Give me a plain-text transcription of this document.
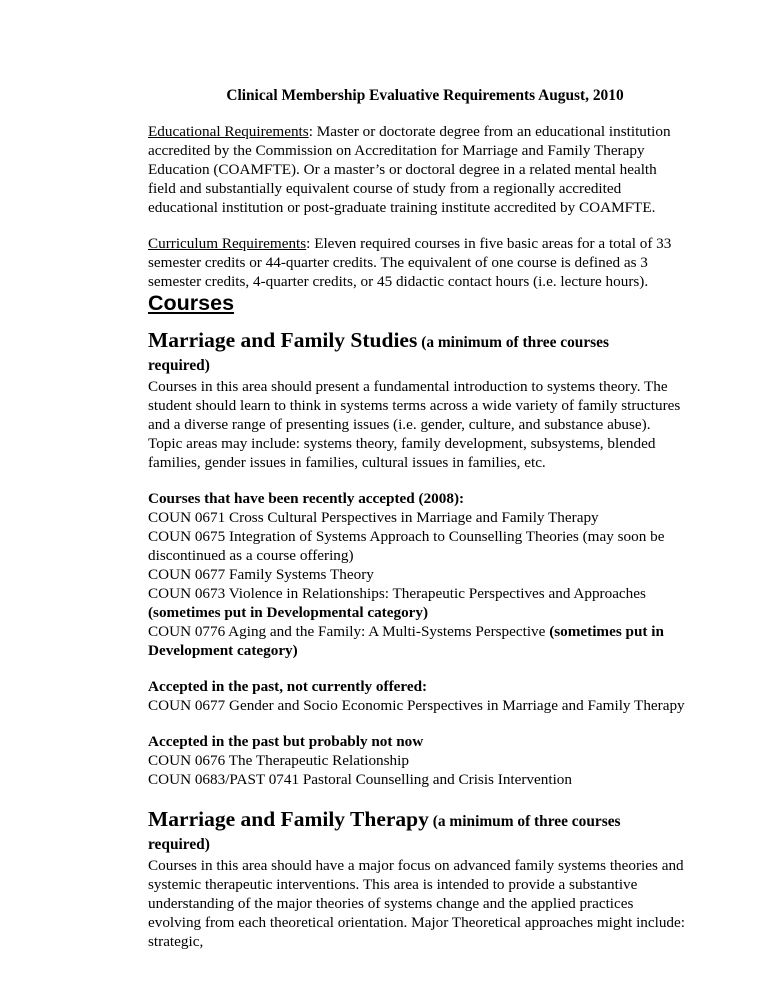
Clinical Membership Evaluative Requirements August, 2010

Educational Requirements: Master or doctorate degree from an educational institution accredited by the Commission on Accreditation for Marriage and Family Therapy Education (COAMFTE). Or a master’s or doctoral degree in a related mental health field and substantially equivalent course of study from a regionally accredited educational institution or post-graduate training institute accredited by COAMFTE.

Curriculum Requirements: Eleven required courses in five basic areas for a total of 33 semester credits or 44-quarter credits. The equivalent of one course is defined as 3 semester credits, 4-quarter credits, or 45 didactic contact hours (i.e. lecture hours).

Courses
Marriage and Family Studies (a minimum of three courses

required)

Courses in this area should present a fundamental introduction to systems theory. The student should learn to think in systems terms across a wide variety of family structures and a diverse range of presenting issues (i.e. gender, culture, and substance abuse). Topic areas may include: systems theory, family development, subsystems, blended families, gender issues in families, cultural issues in families, etc.

Courses that have been recently accepted (2008):

COUN 0671 Cross Cultural Perspectives in Marriage and Family Therapy

COUN 0675 Integration of Systems Approach to Counselling Theories (may soon be discontinued as a course offering)

COUN 0677 Family Systems Theory

COUN 0673 Violence in Relationships: Therapeutic Perspectives and Approaches (sometimes put in Developmental category)

COUN 0776 Aging and the Family: A Multi-Systems Perspective (sometimes put in Development category)

Accepted in the past, not currently offered:

COUN 0677 Gender and Socio Economic Perspectives in Marriage and Family Therapy

Accepted in the past but probably not now

COUN 0676 The Therapeutic Relationship

COUN 0683/PAST 0741 Pastoral Counselling and Crisis Intervention

Marriage and Family Therapy (a minimum of three courses

required)

Courses in this area should have a major focus on advanced family systems theories and systemic therapeutic interventions. This area is intended to provide a substantive understanding of the major theories of systems change and the applied practices evolving from each theoretical orientation. Major Theoretical approaches might include: strategic,
